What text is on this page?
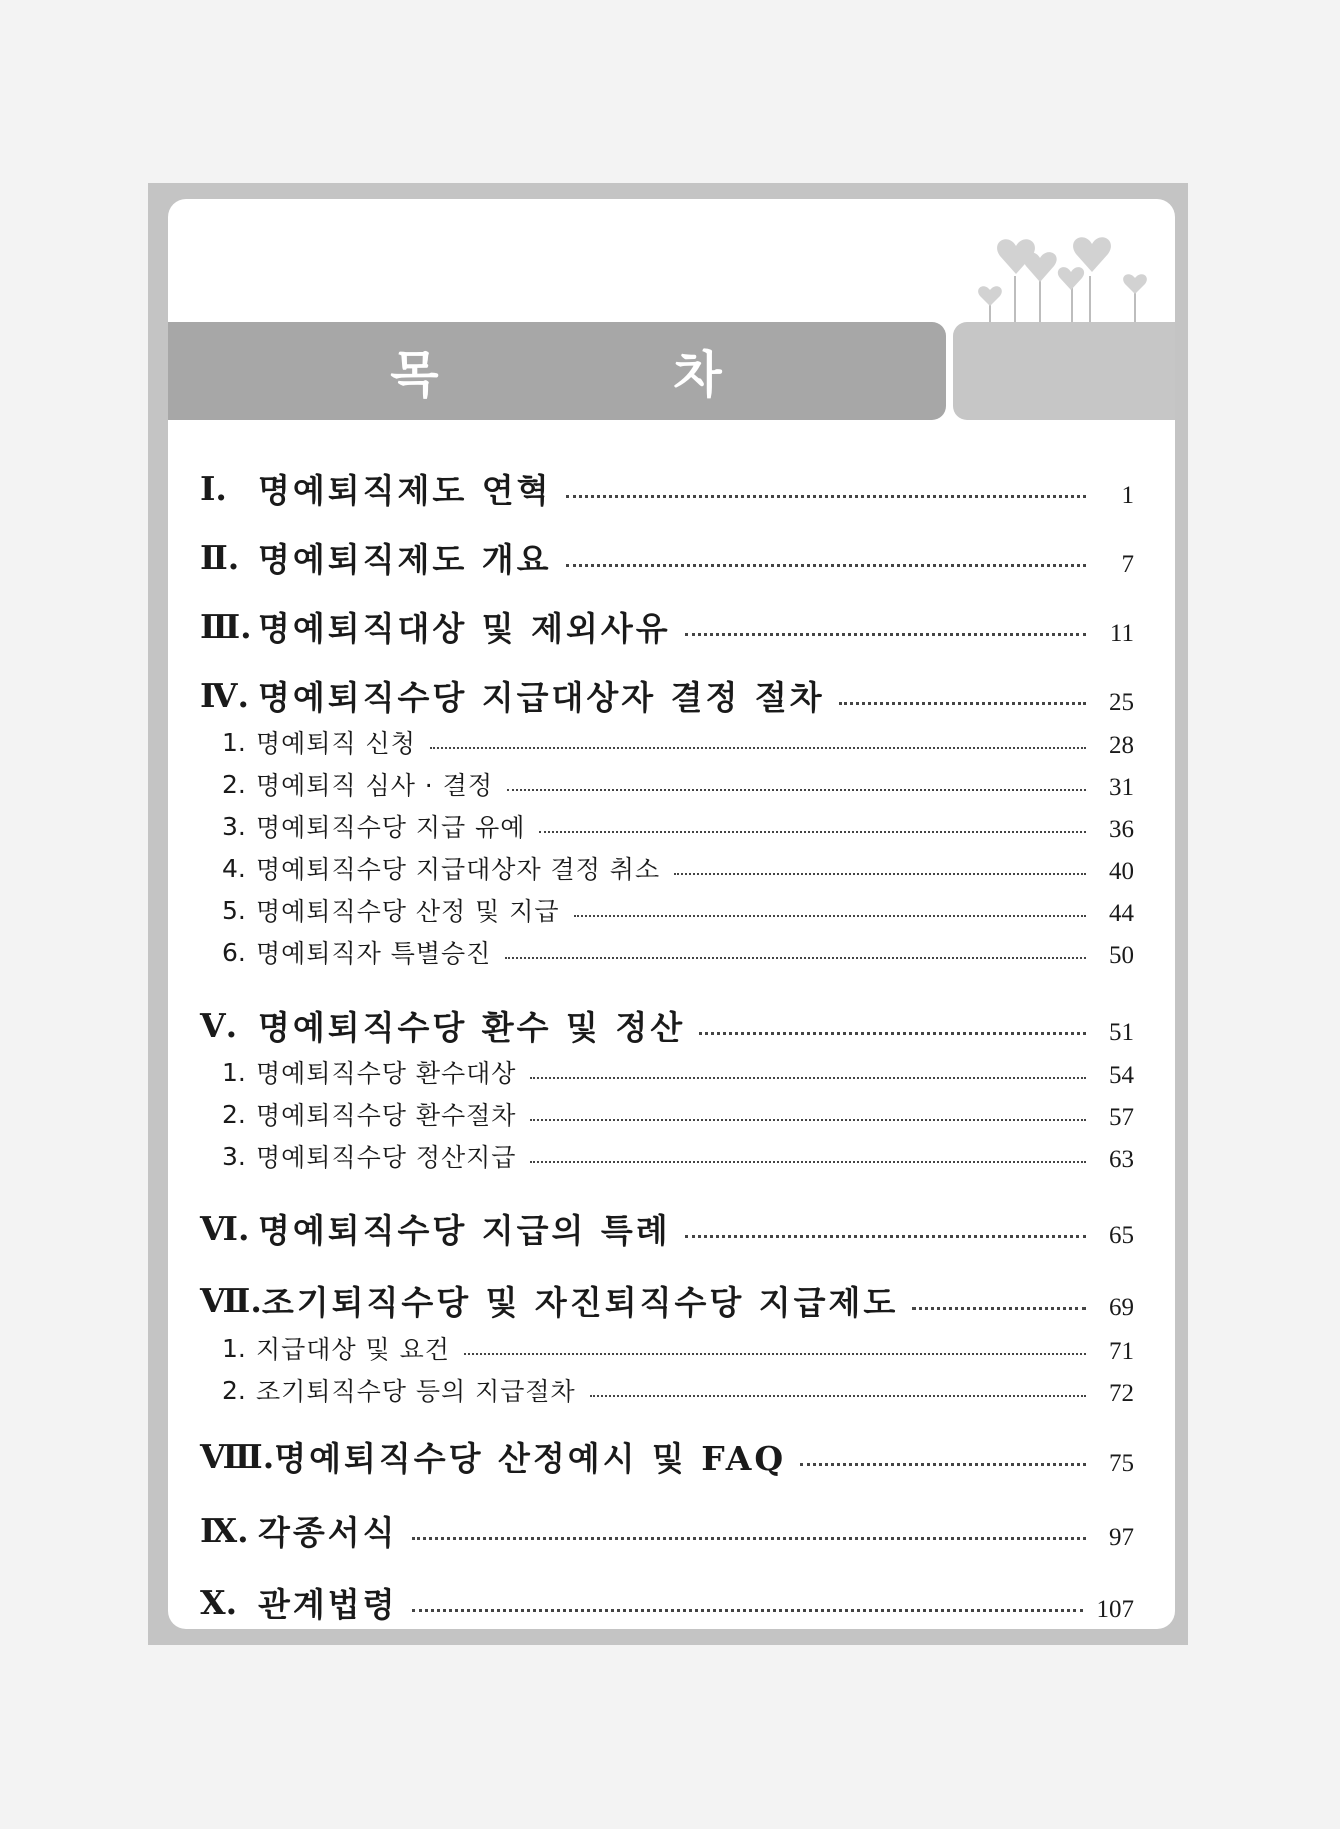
목            차
Ⅰ. 명예퇴직제도 연혁	1
Ⅱ. 명예퇴직제도 개요	7
Ⅲ. 명예퇴직대상 및 제외사유	11
Ⅳ. 명예퇴직수당 지급대상자 결정 절차	25
1. 명예퇴직 신청	28
2. 명예퇴직 심사 · 결정	31
3. 명예퇴직수당 지급 유예	36
4. 명예퇴직수당 지급대상자 결정 취소	40
5. 명예퇴직수당 산정 및 지급	44
6. 명예퇴직자 특별승진	50
Ⅴ. 명예퇴직수당 환수 및 정산	51
1. 명예퇴직수당 환수대상	54
2. 명예퇴직수당 환수절차	57
3. 명예퇴직수당 정산지급	63
Ⅵ. 명예퇴직수당 지급의 특례	65
Ⅶ. 조기퇴직수당 및 자진퇴직수당 지급제도	69
1. 지급대상 및 요건	71
2. 조기퇴직수당 등의 지급절차	72
Ⅷ. 명예퇴직수당 산정예시 및 FAQ	75
Ⅸ. 각종서식	97
Ⅹ. 관계법령	107
